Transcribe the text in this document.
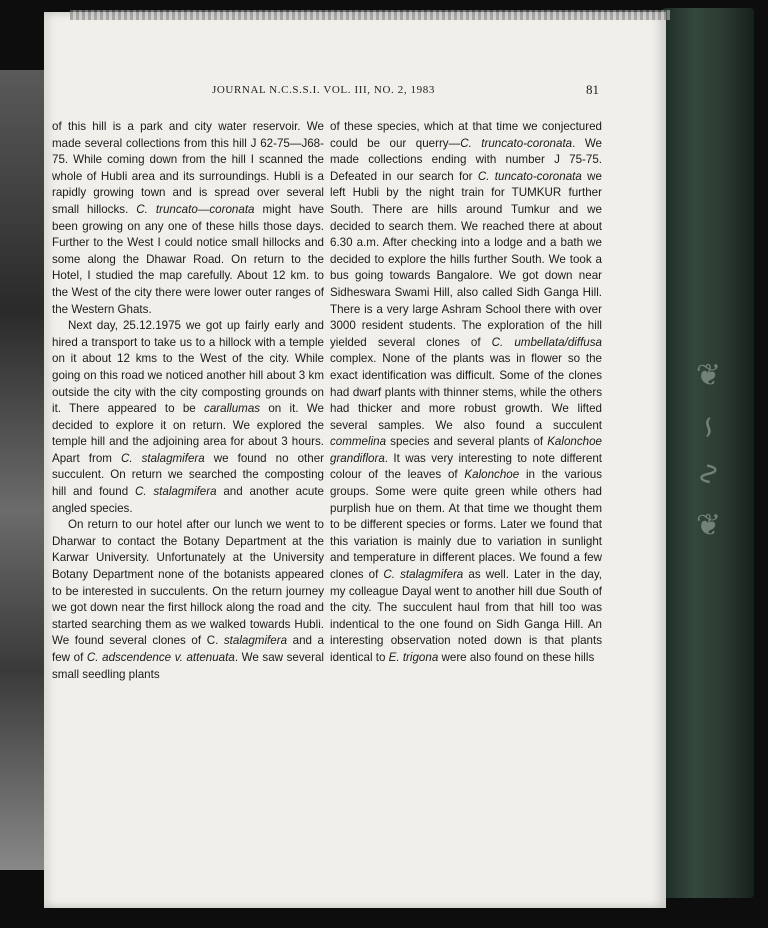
❦ ∽ ∿ ❦
JOURNAL N.C.S.S.I. VOL. III, NO. 2, 1983	81

of this hill is a park and city water reservoir. We made several collections from this hill J 62-75—J68-75. While coming down from the hill I scanned the whole of Hubli area and its surroundings. Hubli is a rapidly growing town and is spread over several small hillocks. C. truncato—coronata might have been growing on any one of these hills those days. Further to the West I could notice small hillocks and some along the Dhawar Road. On return to the Hotel, I studied the map carefully. About 12 km. to the West of the city there were lower outer ranges of the Western Ghats.

Next day, 25.12.1975 we got up fairly early and hired a transport to take us to a hillock with a temple on it about 12 kms to the West of the city. While going on this road we noticed another hill about 3 km outside the city with the city composting grounds on it. There appeared to be carallumas on it. We decided to explore it on return. We explored the temple hill and the adjoining area for about 3 hours. Apart from C. stalagmifera we found no other succulent. On return we searched the composting hill and found C. stalagmifera and another acute angled species.

On return to our hotel after our lunch we went to Dharwar to contact the Botany Department at the Karwar University. Unfortunately at the University Botany Department none of the botanists appeared to be interested in succulents. On the return journey we got down near the first hillock along the road and started searching them as we walked towards Hubli. We found several clones of C. stalagmifera and a few of C. adscendence v. attenuata. We saw several small seedling plants

of these species, which at that time we conjectured could be our querry—C. truncato-coronata. We made collections ending with number J 75-75. Defeated in our search for C. tuncato-coronata we left Hubli by the night train for TUMKUR further South. There are hills around Tumkur and we decided to search them. We reached there at about 6.30 a.m. After checking into a lodge and a bath we decided to explore the hills further South. We took a bus going towards Bangalore. We got down near Sidheswara Swami Hill, also called Sidh Ganga Hill. There is a very large Ashram School there with over 3000 resident students. The exploration of the hill yielded several clones of C. umbellata/diffusa complex. None of the plants was in flower so the exact identification was difficult. Some of the clones had dwarf plants with thinner stems, while the others had thicker and more robust growth. We lifted several samples. We also found a succulent commelina species and several plants of Kalonchoe grandiflora. It was very interesting to note different colour of the leaves of Kalonchoe in the various groups. Some were quite green while others had purplish hue on them. At that time we thought them to be different species or forms. Later we found that this variation is mainly due to variation in sunlight and temperature in different places. We found a few clones of C. stalagmifera as well. Later in the day, my colleague Dayal went to another hill due South of the city. The succulent haul from that hill too was indentical to the one found on Sidh Ganga Hill. An interesting observation noted down is that plants identical to E. trigona were also found on these hills
